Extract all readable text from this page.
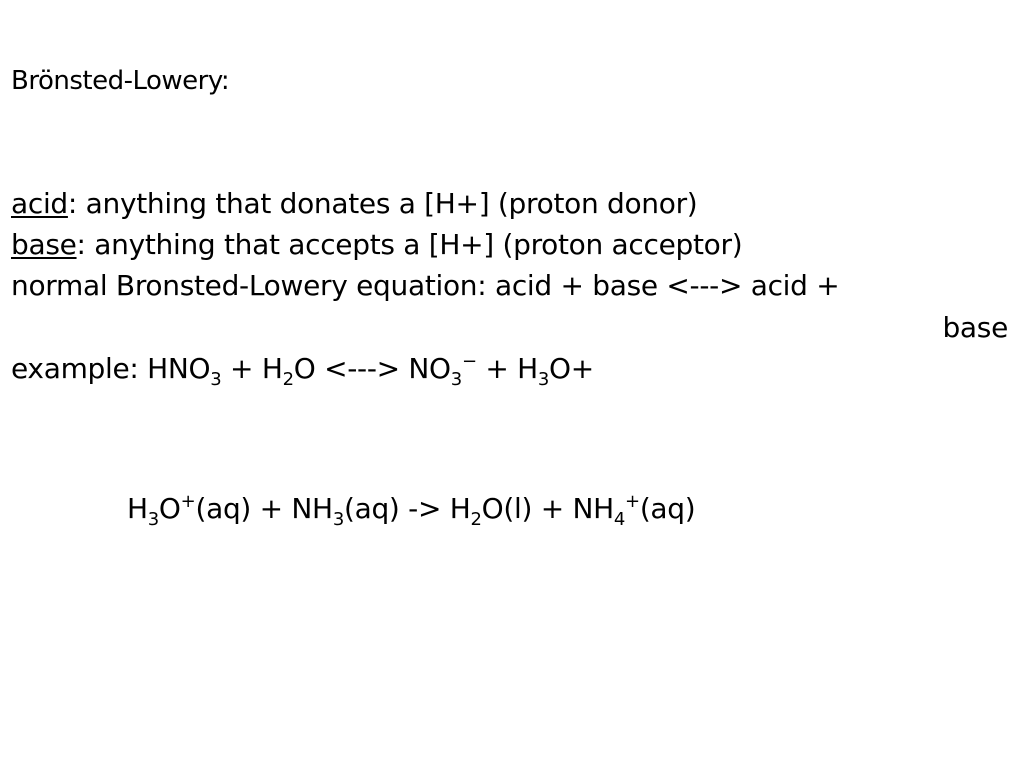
Brönsted-Lowery:
acid: anything that donates a [H+] (proton donor)
base: anything that accepts a [H+] (proton acceptor)
normal Bronsted-Lowery equation: acid + base <---> acid +
base
example: $HNO_3 + H_2O$ <---> $NO_3^- + H_3O+$
$H_3O^+(aq) + NH_3(aq) -> H_2O(l) + NH_4^+(aq)$
